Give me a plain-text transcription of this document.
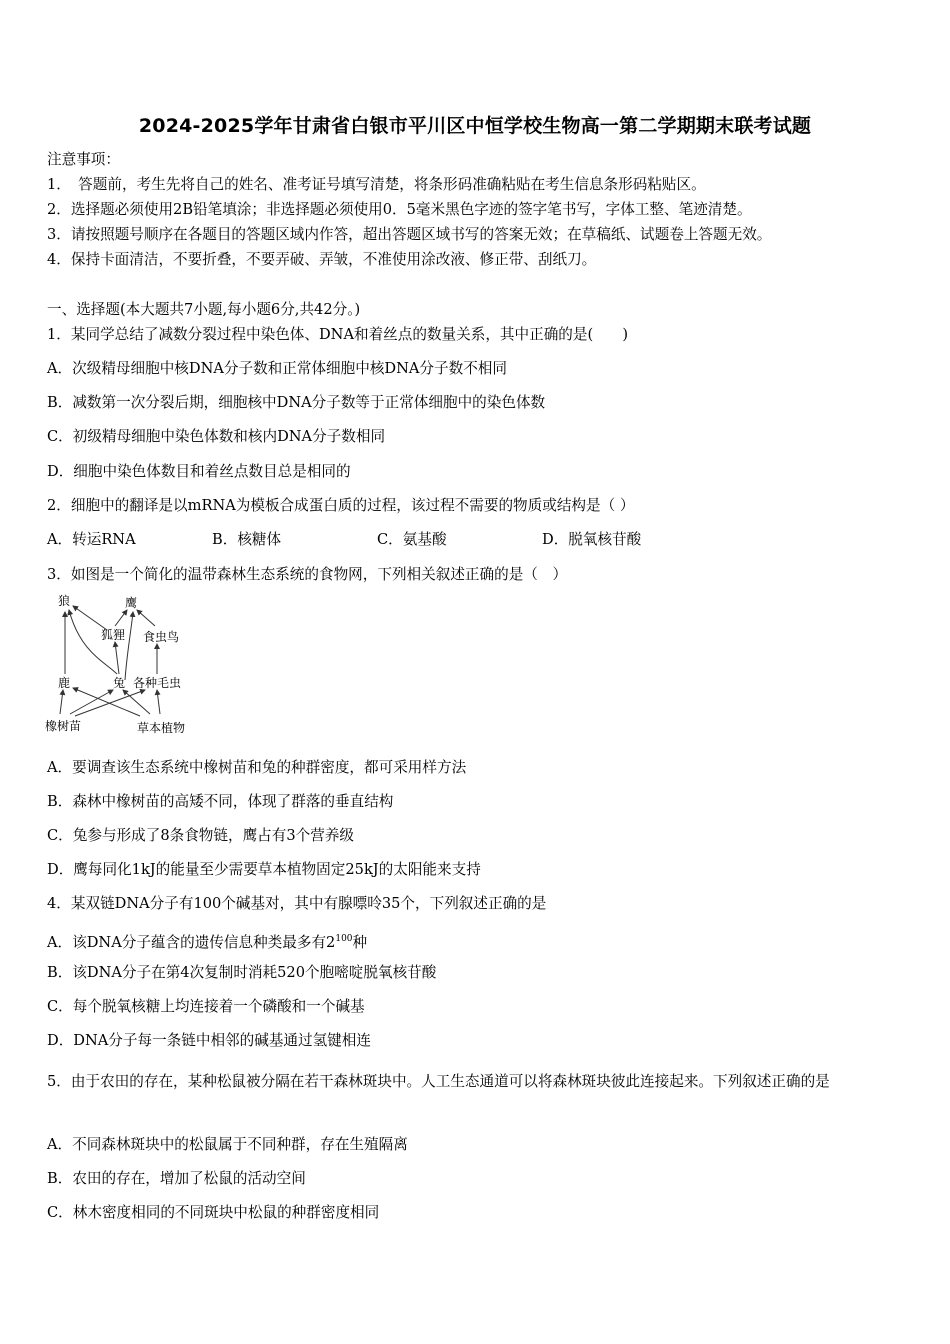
2024-2025学年甘肃省白银市平川区中恒学校生物高一第二学期期末联考试题
注意事项：
1．　答题前，考生先将自己的姓名、准考证号填写清楚，将条形码准确粘贴在考生信息条形码粘贴区。
2．选择题必须使用2B铅笔填涂；非选择题必须使用0．5毫米黑色字迹的签字笔书写，字体工整、笔迹清楚。
3．请按照题号顺序在各题目的答题区域内作答，超出答题区域书写的答案无效；在草稿纸、试题卷上答题无效。
4．保持卡面清洁，不要折叠，不要弄破、弄皱，不准使用涂改液、修正带、刮纸刀。
一、选择题(本大题共7小题,每小题6分,共42分。)
1．某同学总结了减数分裂过程中染色体、DNA和着丝点的数量关系，其中正确的是(　　)
A．次级精母细胞中核DNA分子数和正常体细胞中核DNA分子数不相同
B．减数第一次分裂后期，细胞核中DNA分子数等于正常体细胞中的染色体数
C．初级精母细胞中染色体数和核内DNA分子数相同
D．细胞中染色体数目和着丝点数目总是相同的
2．细胞中的翻译是以mRNA为模板合成蛋白质的过程，该过程不需要的物质或结构是（ ）
A．转运RNA	B．核糖体	C．氨基酸	D．脱氧核苷酸
3．如图是一个简化的温带森林生态系统的食物网，下列相关叙述正确的是（　）
狼	鹰
狐狸 食虫鸟
鹿	兔 各种毛虫
橡树苗	草本植物
A．要调查该生态系统中橡树苗和兔的种群密度，都可采用样方法
B．森林中橡树苗的高矮不同，体现了群落的垂直结构
C．兔参与形成了8条食物链，鹰占有3个营养级
D．鹰每同化1kJ的能量至少需要草本植物固定25kJ的太阳能来支持
4．某双链DNA分子有100个碱基对，其中有腺嘌呤35个，下列叙述正确的是
A．该DNA分子蕴含的遗传信息种类最多有$2^{100}$种
B．该DNA分子在第4次复制时消耗520个胞嘧啶脱氧核苷酸
C．每个脱氧核糖上均连接着一个磷酸和一个碱基
D．DNA分子每一条链中相邻的碱基通过氢键相连
5．由于农田的存在，某种松鼠被分隔在若干森林斑块中。人工生态通道可以将森林斑块彼此连接起来。下列叙述正确的是
A．不同森林斑块中的松鼠属于不同种群，存在生殖隔离
B．农田的存在，增加了松鼠的活动空间
C．林木密度相同的不同斑块中松鼠的种群密度相同
